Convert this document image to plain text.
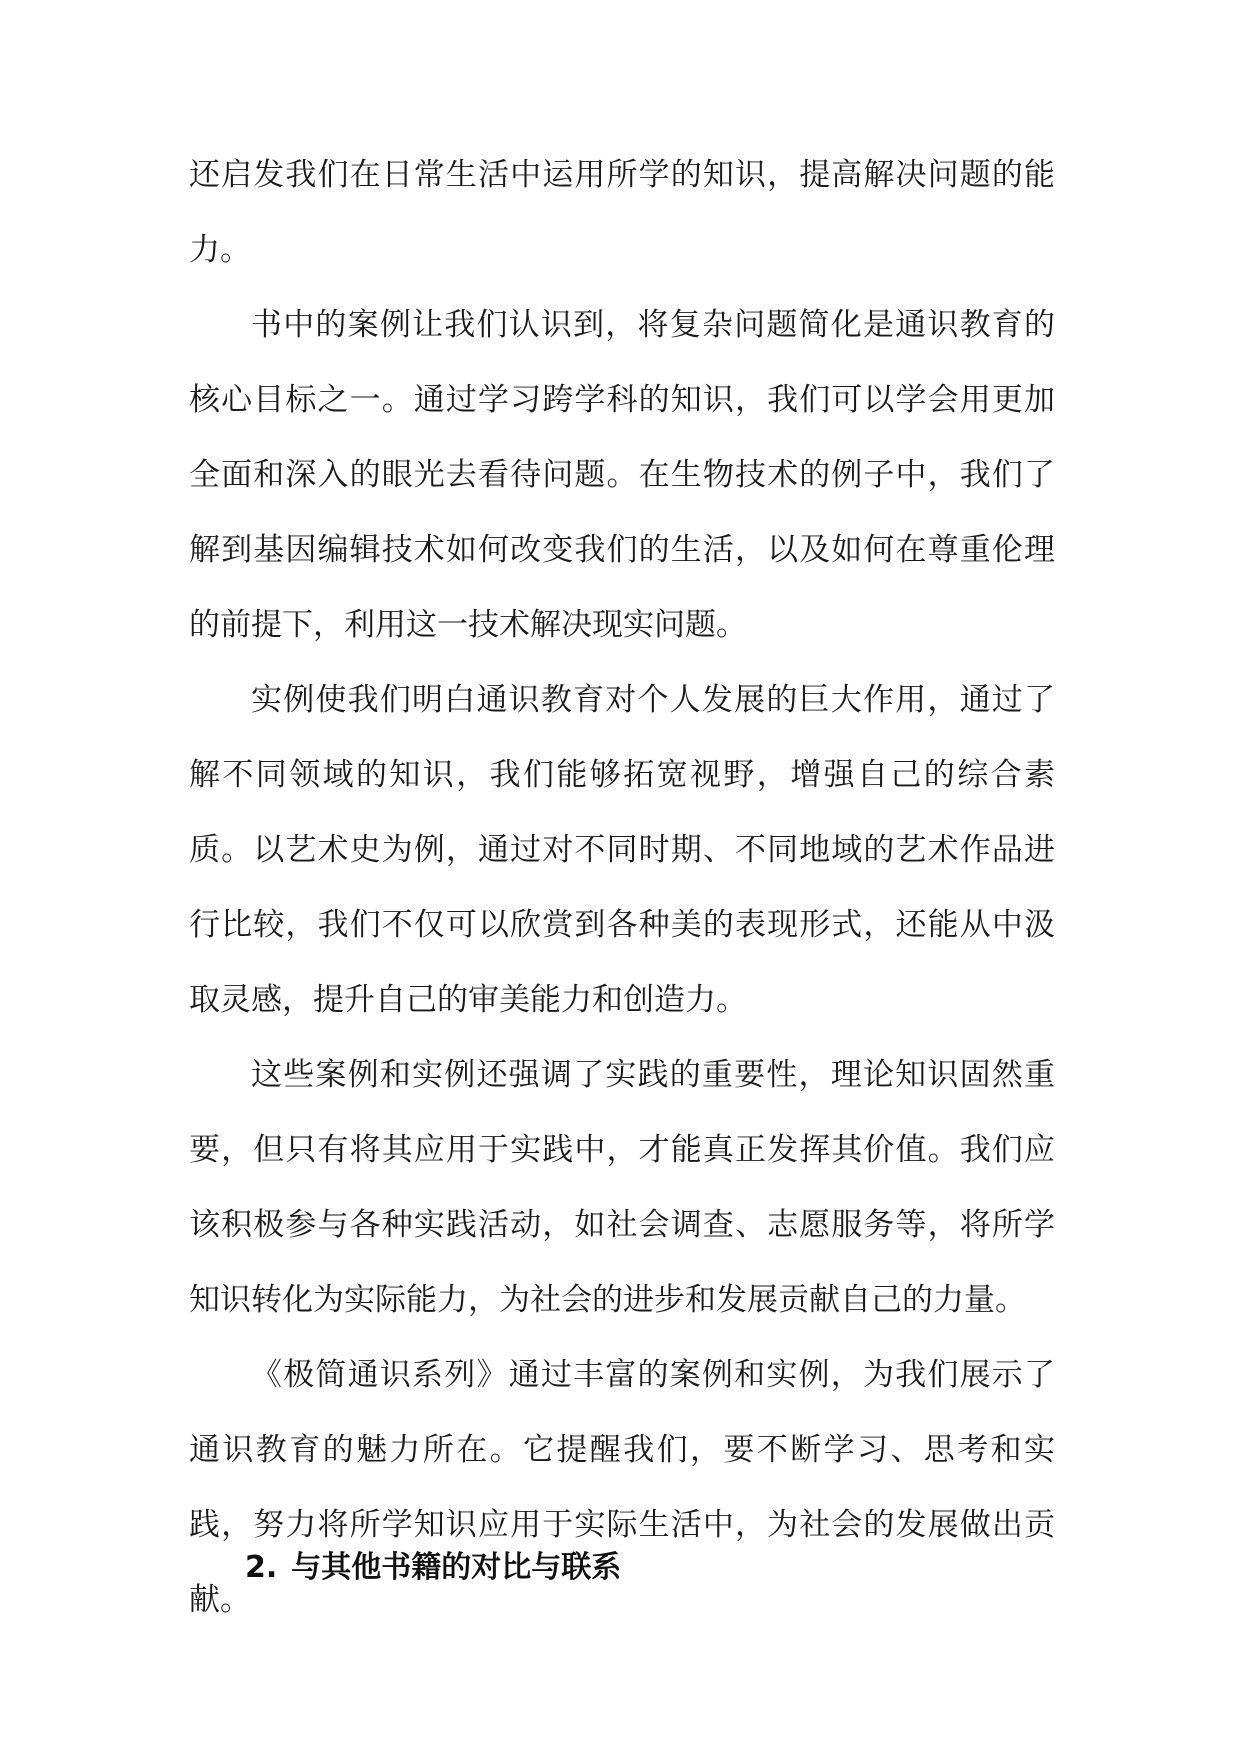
还启发我们在日常生活中运用所学的知识，提高解决问题的能力。

书中的案例让我们认识到，将复杂问题简化是通识教育的核心目标之一。通过学习跨学科的知识，我们可以学会用更加全面和深入的眼光去看待问题。在生物技术的例子中，我们了解到基因编辑技术如何改变我们的生活，以及如何在尊重伦理的前提下，利用这一技术解决现实问题。

实例使我们明白通识教育对个人发展的巨大作用，通过了解不同领域的知识，我们能够拓宽视野，增强自己的综合素质。以艺术史为例，通过对不同时期、不同地域的艺术作品进行比较，我们不仅可以欣赏到各种美的表现形式，还能从中汲取灵感，提升自己的审美能力和创造力。

这些案例和实例还强调了实践的重要性，理论知识固然重要，但只有将其应用于实践中，才能真正发挥其价值。我们应该积极参与各种实践活动，如社会调查、志愿服务等，将所学知识转化为实际能力，为社会的进步和发展贡献自己的力量。

《极简通识系列》通过丰富的案例和实例，为我们展示了通识教育的魅力所在。它提醒我们，要不断学习、思考和实践，努力将所学知识应用于实际生活中，为社会的发展做出贡献。

2. 与其他书籍的对比与联系
